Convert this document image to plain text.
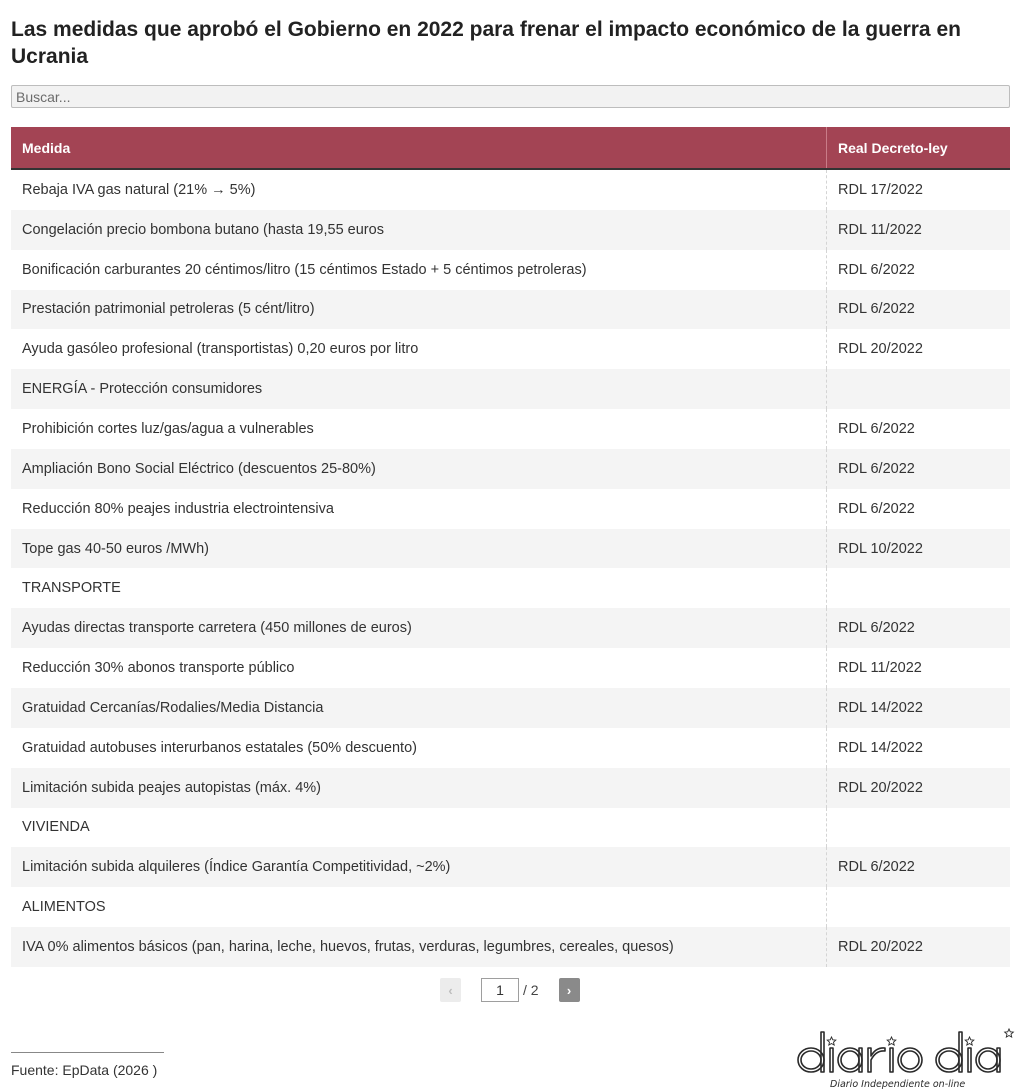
Las medidas que aprobó el Gobierno en 2022 para frenar el impacto económico de la guerra en Ucrania
Buscar...
Medida	Real Decreto-ley
Rebaja IVA gas natural (21% → 5%)	RDL 17/2022
Congelación precio bombona butano (hasta 19,55 euros	RDL 11/2022
Bonificación carburantes 20 céntimos/litro (15 céntimos Estado + 5 céntimos petroleras)	RDL 6/2022
Prestación patrimonial petroleras (5 cént/litro)	RDL 6/2022
Ayuda gasóleo profesional (transportistas) 0,20 euros por litro	RDL 20/2022
ENERGÍA - Protección consumidores
Prohibición cortes luz/gas/agua a vulnerables	RDL 6/2022
Ampliación Bono Social Eléctrico (descuentos 25-80%)	RDL 6/2022
Reducción 80% peajes industria electrointensiva	RDL 6/2022
Tope gas 40-50 euros /MWh)	RDL 10/2022
TRANSPORTE
Ayudas directas transporte carretera (450 millones de euros)	RDL 6/2022
Reducción 30% abonos transporte público	RDL 11/2022
Gratuidad Cercanías/Rodalies/Media Distancia	RDL 14/2022
Gratuidad autobuses interurbanos estatales (50% descuento)	RDL 14/2022
Limitación subida peajes autopistas (máx. 4%)	RDL 20/2022
VIVIENDA
Limitación subida alquileres (Índice Garantía Competitividad, ~2%)	RDL 6/2022
ALIMENTOS
IVA 0% alimentos básicos (pan, harina, leche, huevos, frutas, verduras, legumbres, cereales, quesos)	RDL 20/2022
‹
1	/ 2	›
Fuente: EpData (2026 )
Diario Independiente on-line
